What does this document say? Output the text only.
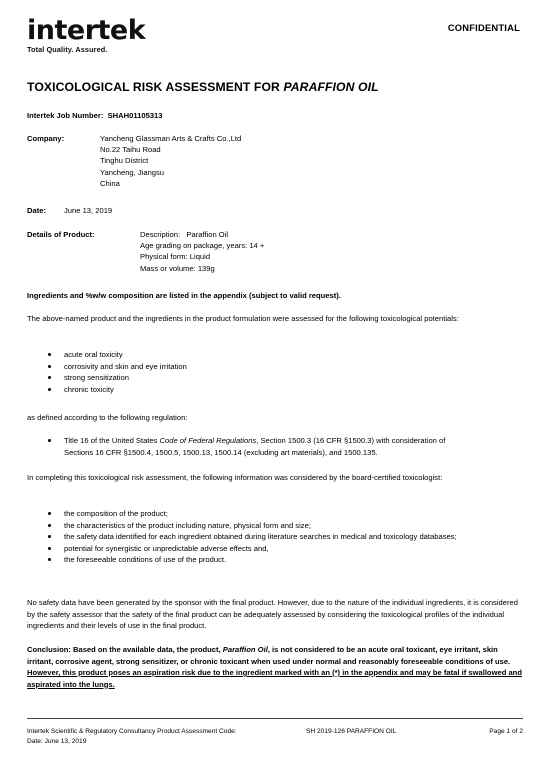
intertek
Total Quality. Assured.
CONFIDENTIAL
TOXICOLOGICAL RISK ASSESSMENT FOR PARAFFION OIL
Intertek Job Number: SHAH01105313
Company:	Yancheng Glassman Arts & Crafts Co.,Ltd
No.22 Taihu Road
Tinghu District
Yancheng, Jiangsu
China
Date: June 13, 2019
Details of Product:	Description:   Paraffion Oil
Age grading on package, years: 14 +
Physical form: Liquid
Mass or volume: 139g
Ingredients and %w/w composition are listed in the appendix (subject to valid request).
The above-named product and the ingredients in the product formulation were assessed for the following toxicological potentials:
acute oral toxicity
corrosivity and skin and eye irritation
strong sensitization
chronic toxicity
as defined according to the following regulation:
Title 16 of the United States Code of Federal Regulations, Section 1500.3 (16 CFR §1500.3) with consideration of
Sections 16 CFR §1500.4, 1500.5, 1500.13, 1500.14 (excluding art materials), and 1500.135.
In completing this toxicological risk assessment, the following information was considered by the board-certified toxicologist:
the composition of the product;
the characteristics of the product including nature, physical form and size;
the safety data identified for each ingredient obtained during literature searches in medical and toxicology databases;
potential for synergistic or unpredictable adverse effects and,
the foreseeable conditions of use of the product.
No safety data have been generated by the sponsor with the final product. However, due to the nature of the individual ingredients, it is considered by the safety assessor that the safety of the final product can be adequately assessed by considering the toxicological profiles of the individual ingredients and their levels of use in the final product.
Conclusion: Based on the available data, the product, Paraffion Oil, is not considered to be an acute oral toxicant, eye irritant, skin irritant, corrosive agent, strong sensitizer, or chronic toxicant when used under normal and reasonably foreseeable conditions of use. However, this product poses an aspiration risk due to the ingredient marked with an (*) in the appendix and may be fatal if swallowed and aspirated into the lungs.
Intertek Scientific & Regulatory Consultancy Product Assessment Code:	SH 2019-126 PARAFFION OIL	Page 1 of 2
Date: June 13, 2019
